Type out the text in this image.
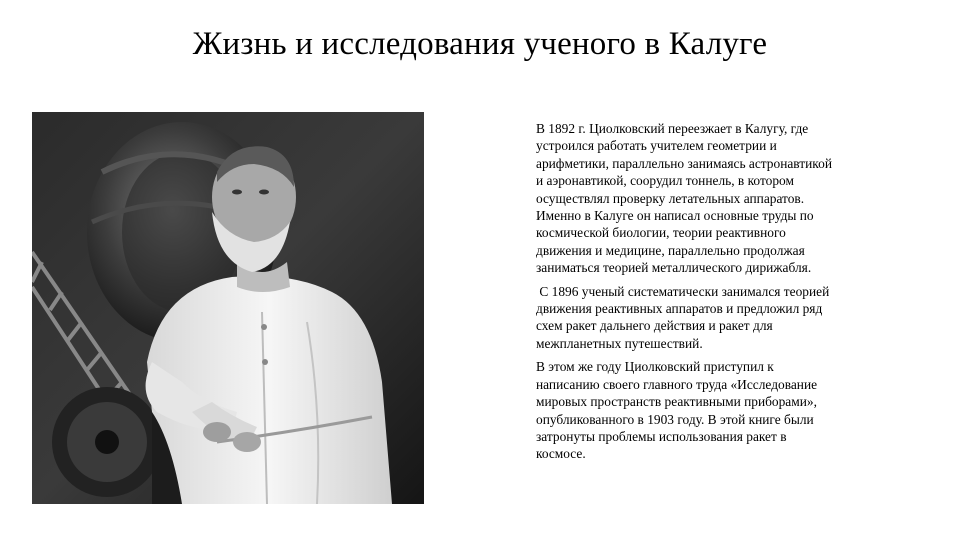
Жизнь и исследования ученого в Калуге

В 1892 г. Циолковский переезжает в Калугу, где устроился работать учителем геометрии и арифметики, параллельно занимаясь астронавтикой и аэронавтикой, соорудил тоннель, в котором осуществлял проверку летательных аппаратов. Именно в Калуге он написал основные труды по космической биологии, теории реактивного движения и медицине, параллельно продолжая заниматься теорией металлического дирижабля.

С 1896 ученый систематически занимался теорией движения реактивных аппаратов и предложил ряд схем ракет дальнего действия и ракет для межпланетных путешествий.

В этом же году Циолковский приступил к написанию своего главного труда «Исследование мировых пространств реактивными приборами», опубликованного в 1903 году. В этой книге были затронуты проблемы использования ракет в космосе.
